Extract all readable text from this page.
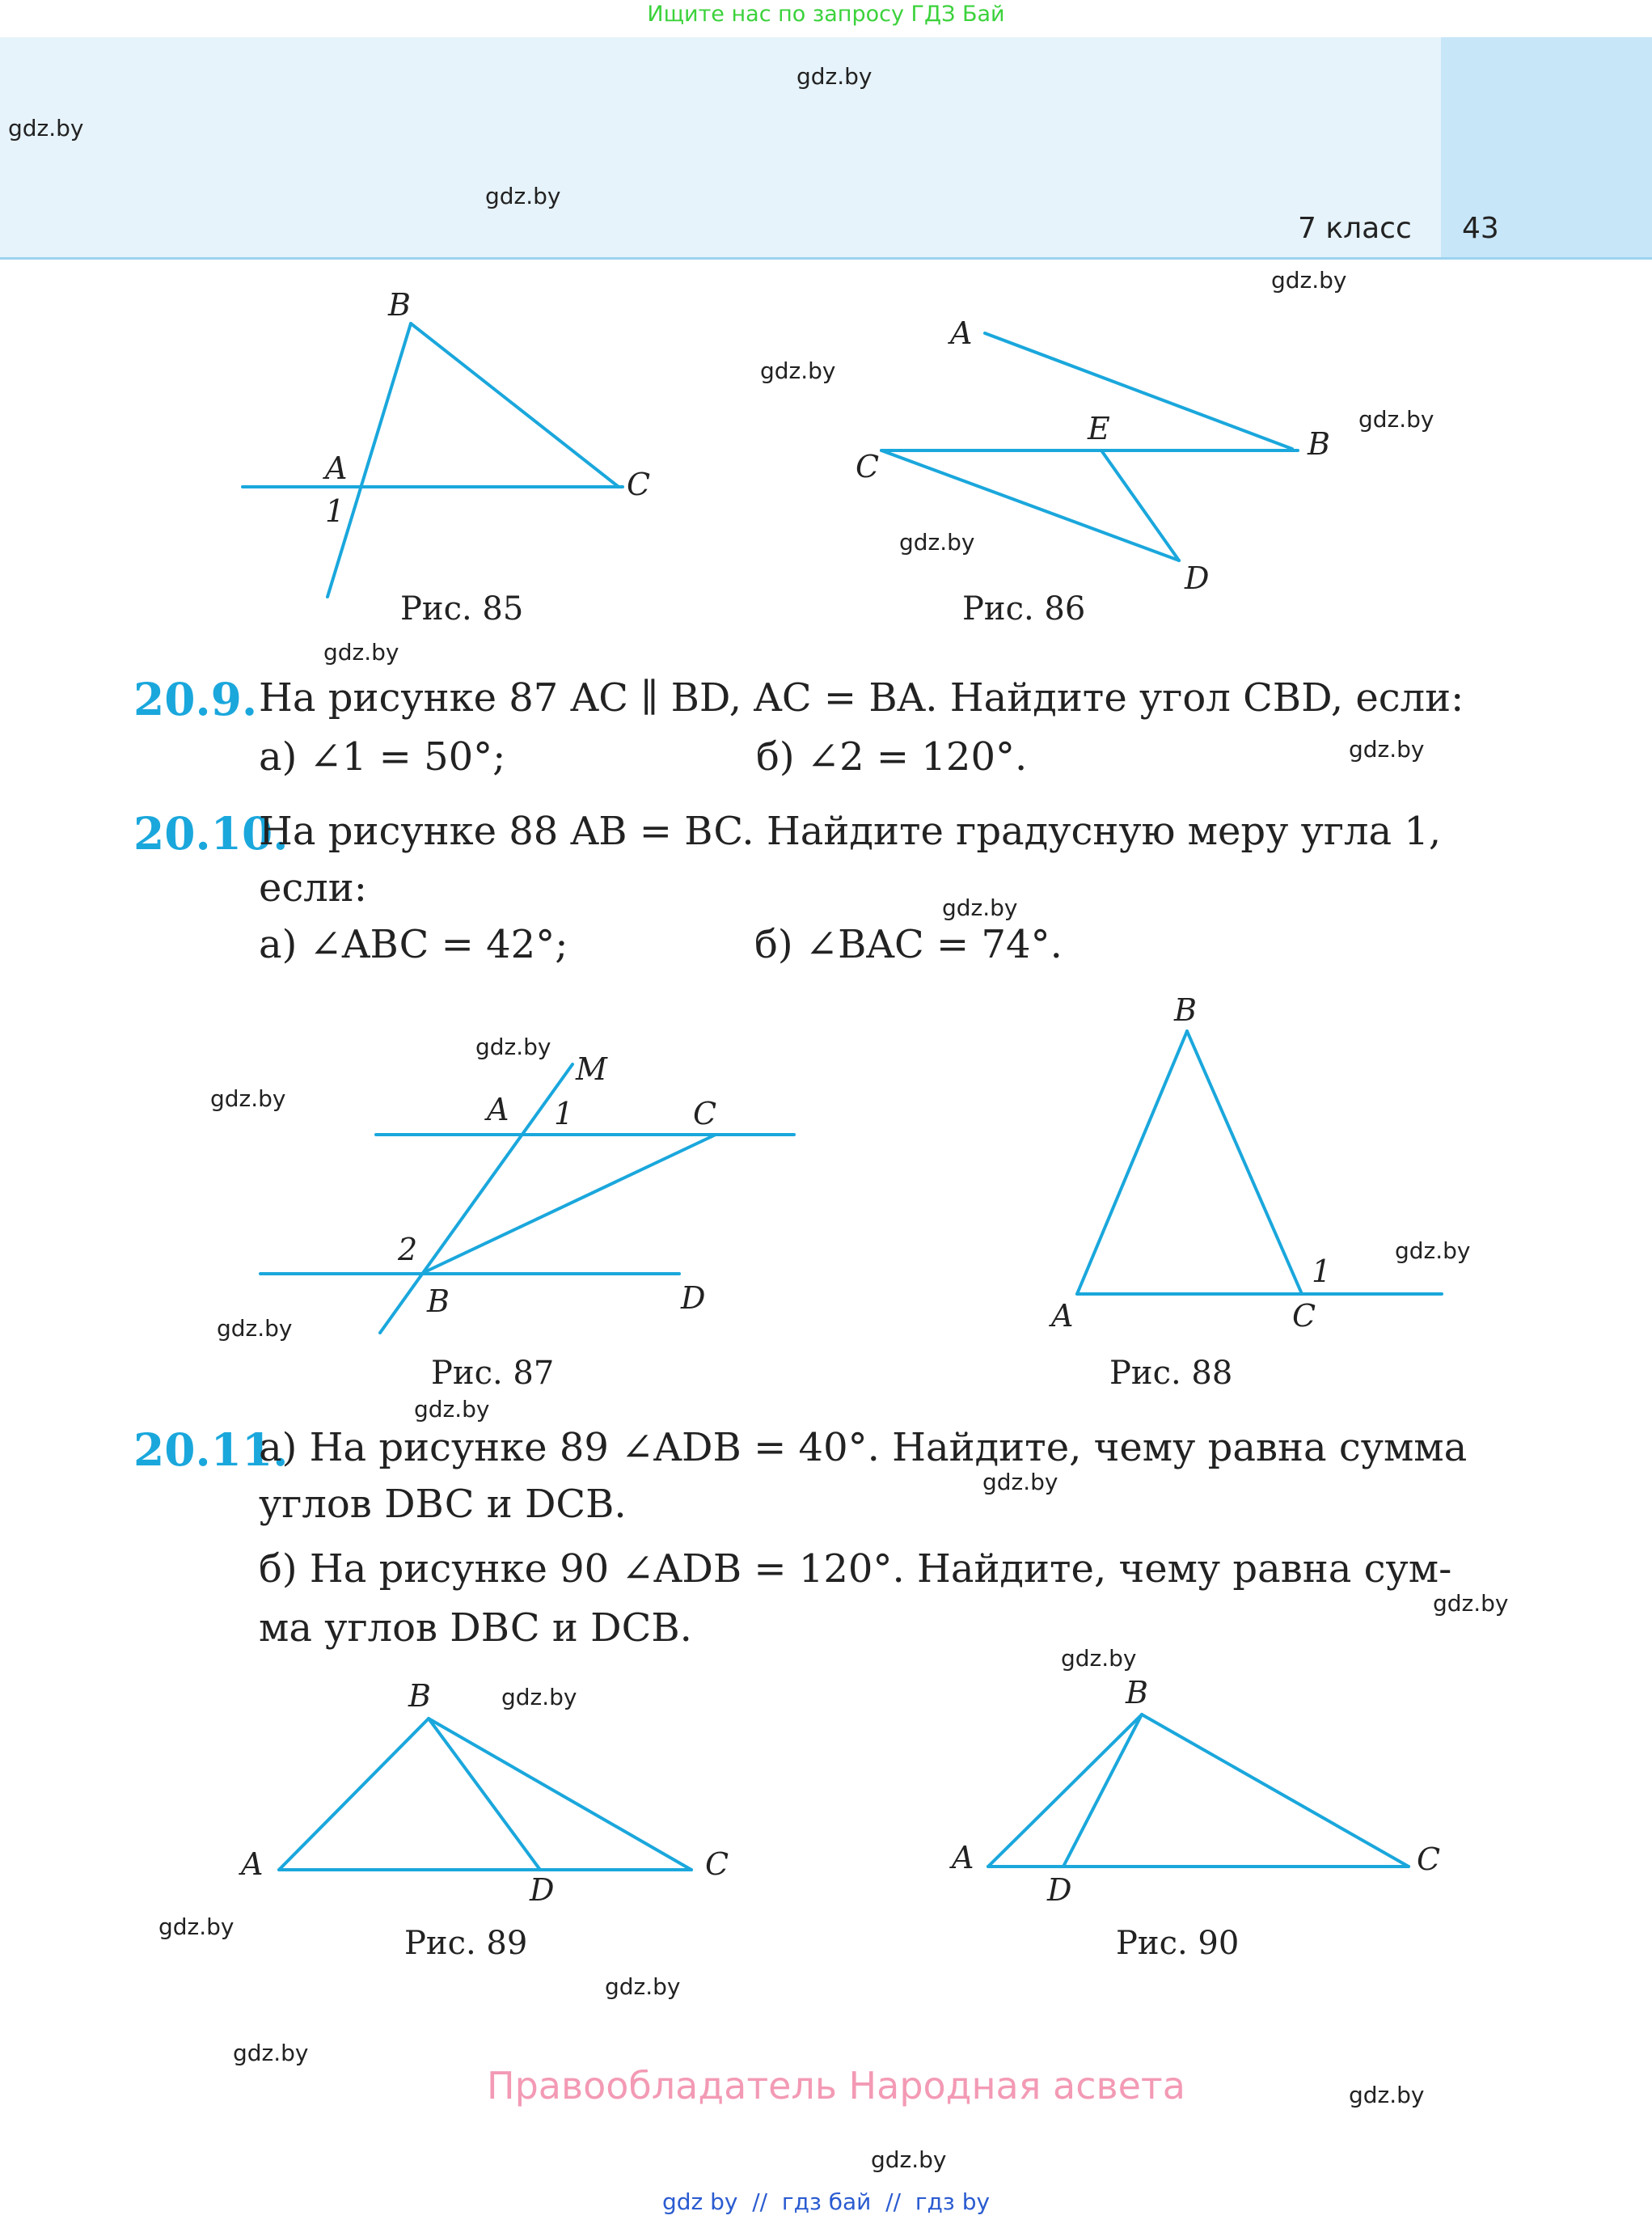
Ищите нас по запросу ГДЗ Бай
7 класс 43
gdz.by
gdz.by
gdz.by
gdz.by
gdz.by
gdz.by
gdz.by
gdz.by
gdz.by
gdz.by
gdz.by
gdz.by
gdz.by
gdz.by
gdz.by
gdz.by
gdz.by
gdz.by
gdz.by
gdz.by
gdz.by
gdz.by
gdz.by
gdz.by
B
A	C
1
A
E	B
C
D
M
A 1	C
2
B	D
B
A	C
1
B
A
D
C
B
A
D
C
Рис. 85	Рис. 86
Рис. 87	Рис. 88
Рис. 89	Рис. 90
20.9. На рисунке 87 AC ∥ BD, AC = BA. Найдите угол CBD, если:
а) ∠1 = 50°;	б) ∠2 = 120°.
20.10.
На рисунке 88 AB = BC. Найдите градусную меру угла 1,
если:
а) ∠ABC = 42°;	б) ∠BAC = 74°.
20.11.
а) На рисунке 89 ∠ADB = 40°. Найдите, чему равна сумма
углов DBC и DCB.
б) На рисунке 90 ∠ADB = 120°. Найдите, чему равна сум-
ма углов DBC и DCB.
Правообладатель Народная асвета
gdz by  //  гдз бай  //  гдз by
